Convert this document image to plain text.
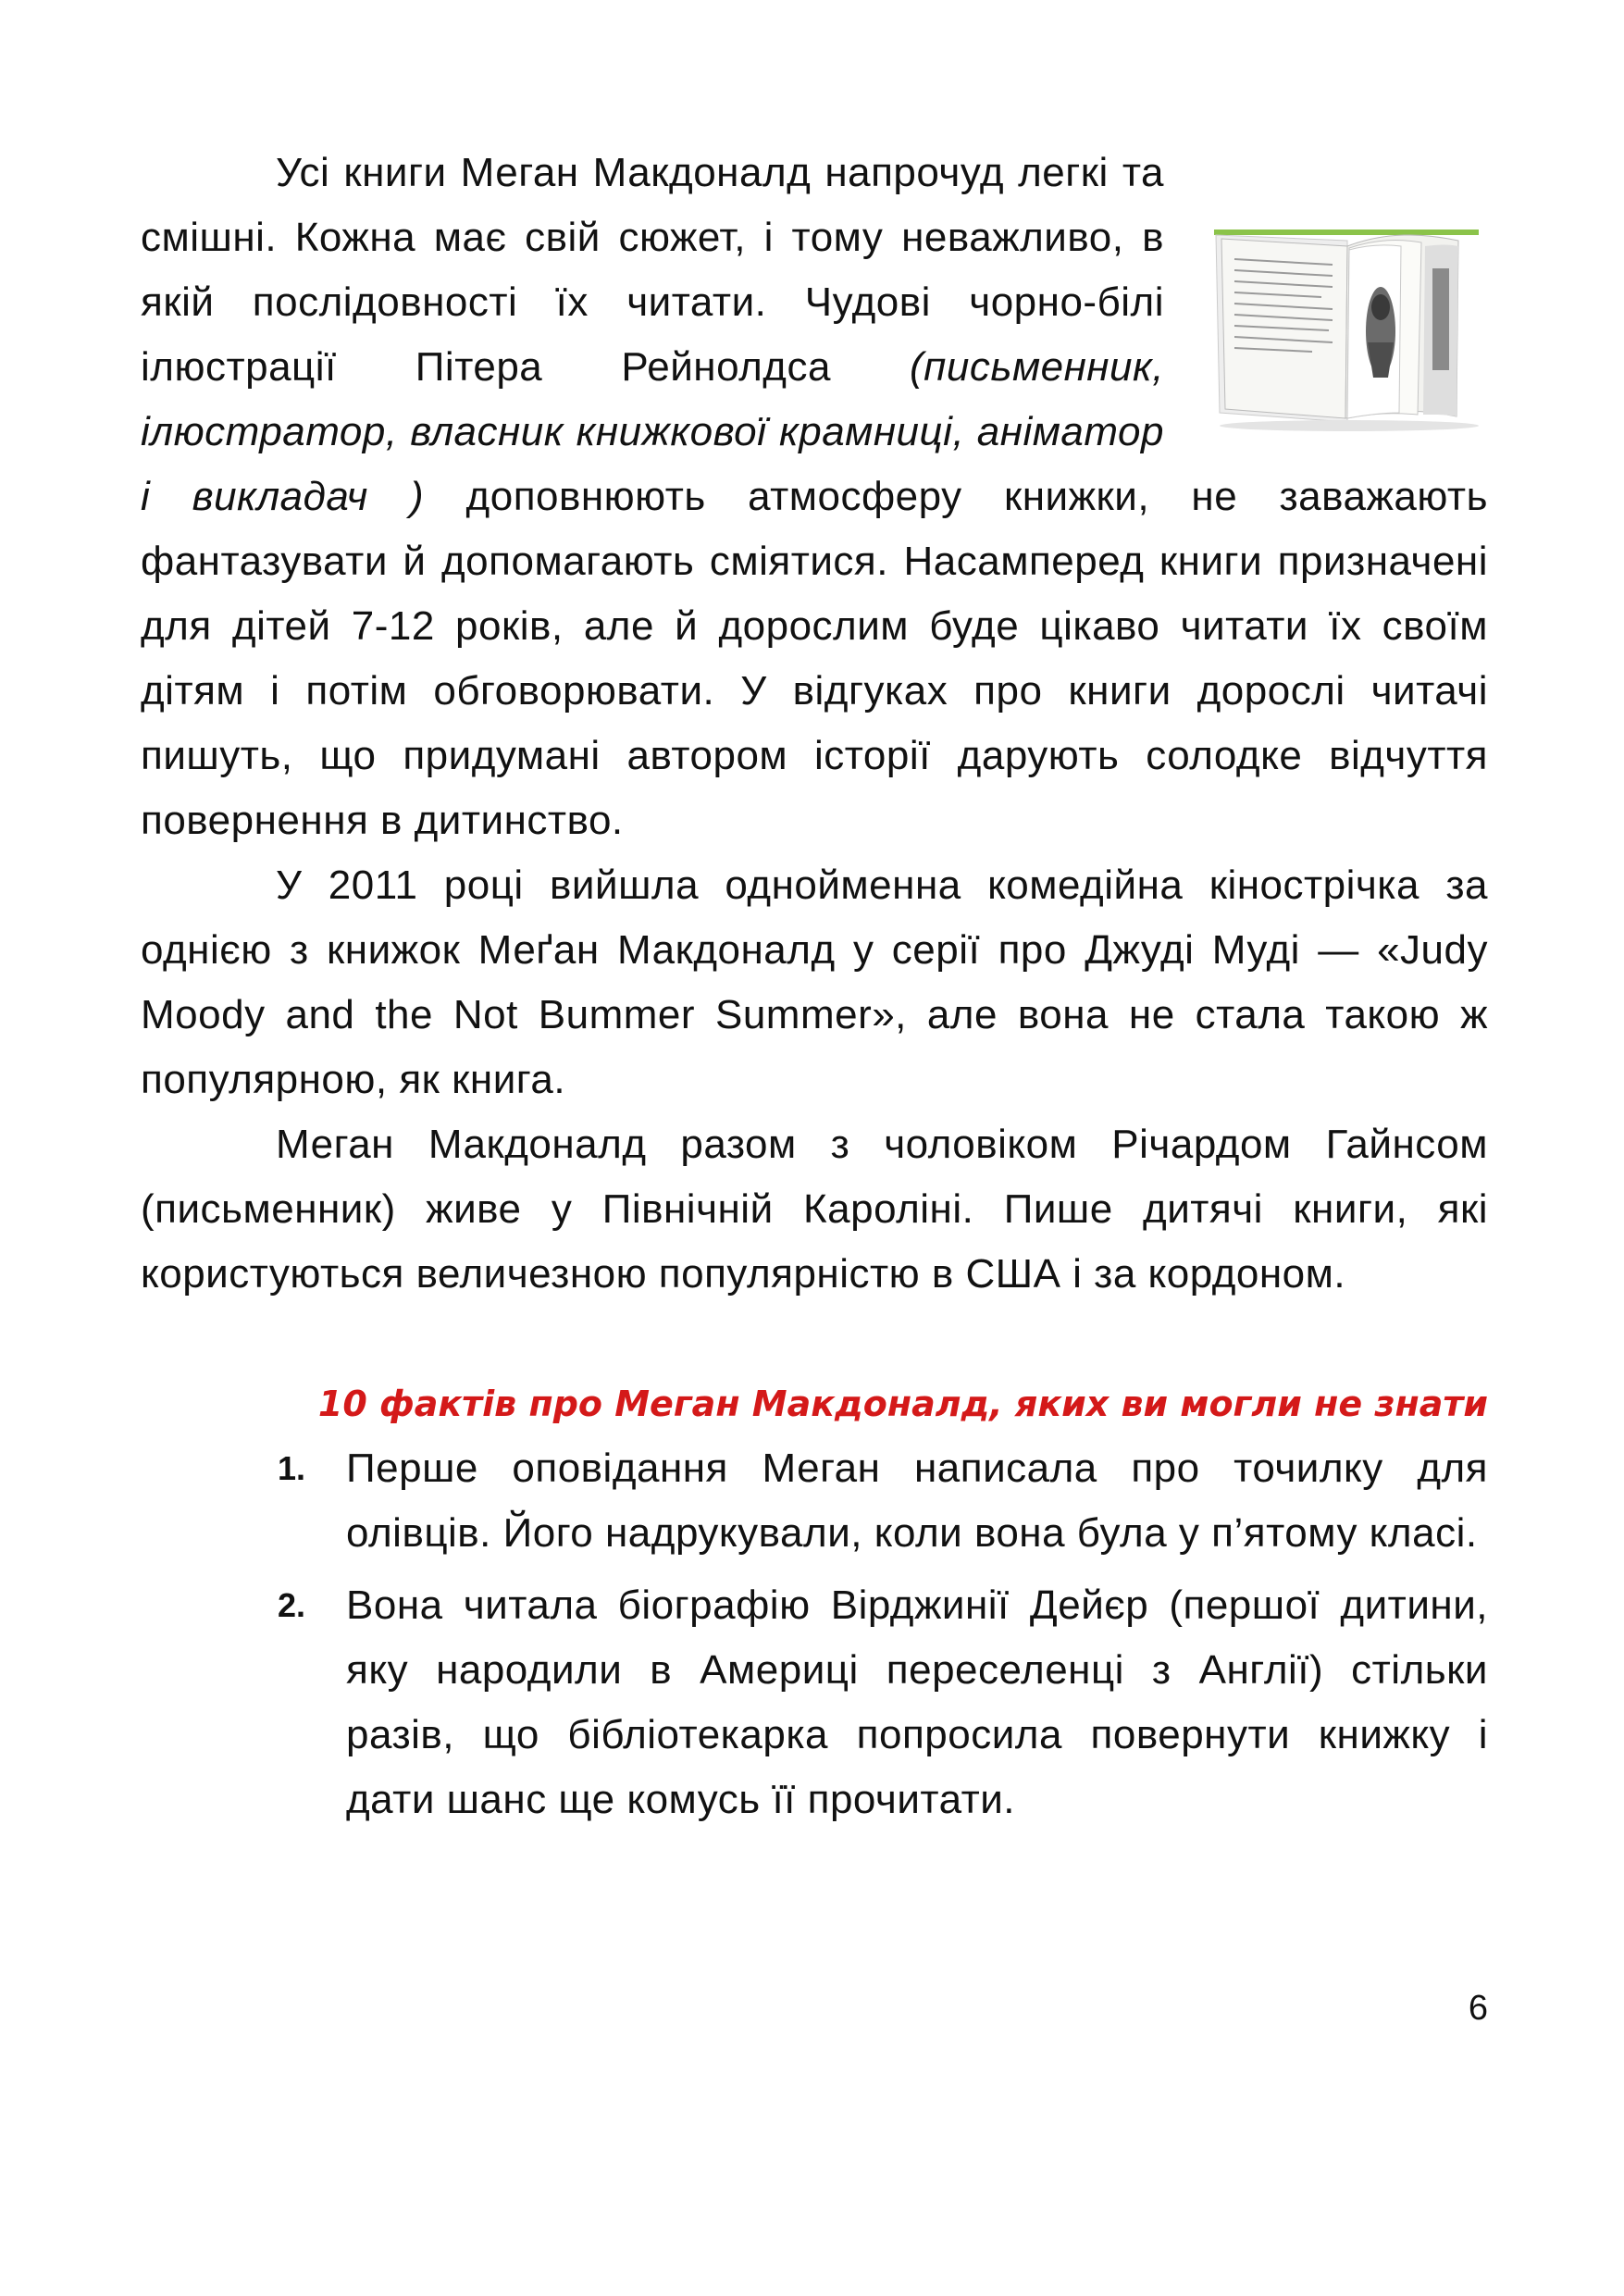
Усі книги Меган Макдоналд напрочуд легкі та смішні. Кожна має свій сюжет, і тому неважливо, в якій послідовності їх читати. Чудові чорно-білі ілюстрації Пітера Рейнолдса (письменник, ілюстратор, власник книжкової крамниці, аніматор і викладач ) доповнюють атмосферу книжки, не заважають фантазувати й допомагають сміятися. Насамперед книги призначені для дітей 7-12 років, але й дорослим буде цікаво читати їх своїм дітям і потім обговорювати. У відгуках про книги дорослі читачі пишуть, що придумані автором історії дарують солодке відчуття повернення в дитинство.

У 2011 році вийшла однойменна комедійна кінострічка за однією з книжок Меґан Макдоналд у серії про Джуді Муді — «Judy Moody and the Not Bummer Summer», але вона не стала такою ж популярною, як книга.

Меган Макдоналд разом з чоловіком Річардом Гайнсом (письменник) живе у Північній Кароліні. Пише дитячі книги, які користуються величезною популярністю в США і за кордоном.

10 фактів про Меган Макдоналд, яких ви могли не знати

1. Перше оповідання Меган написала про точилку для олівців. Його надрукували, коли вона була у п’ятому класі.

2. Вона читала біографію Вірджинії Дейєр (першої дитини, яку народили в Америці переселенці з Англії) стільки разів, що бібліотекарка попросила повернути книжку і дати шанс ще комусь її прочитати.

6
